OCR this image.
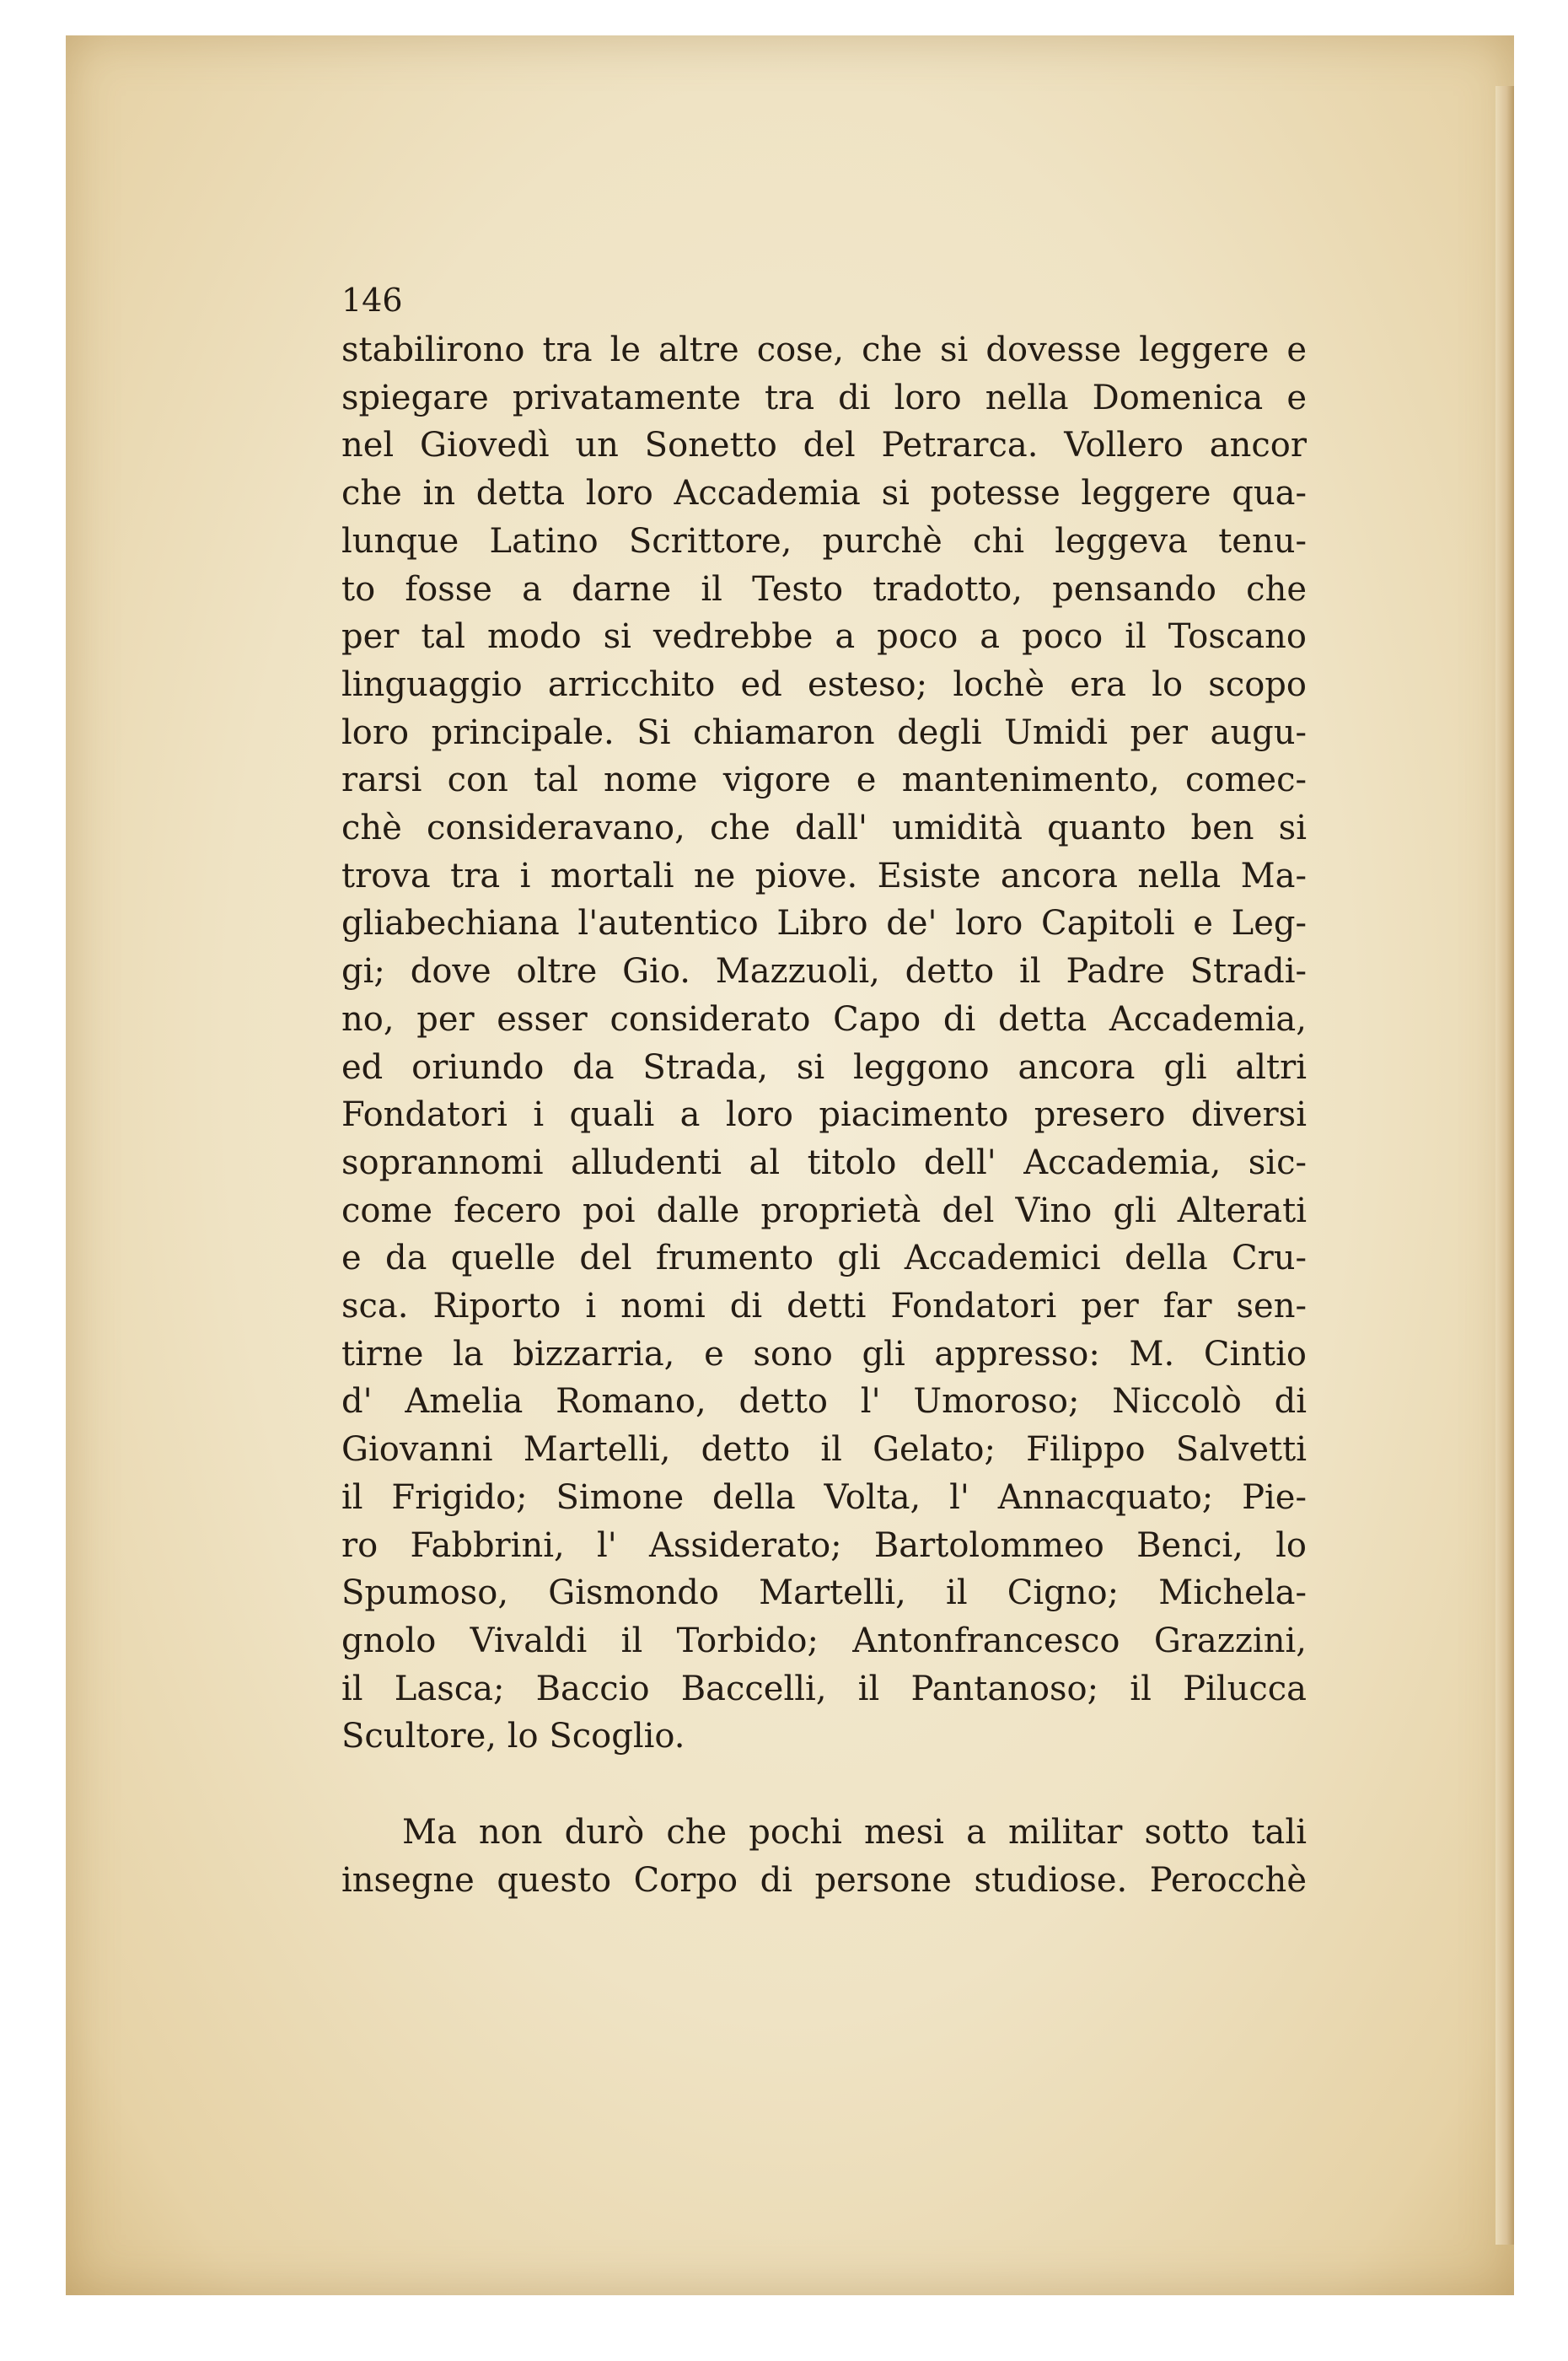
146
stabilirono tra le altre cose, che si dovesse leggere e
spiegare privatamente tra di loro nella Domenica e
nel Giovedì un Sonetto del Petrarca. Vollero ancor
che in detta loro Accademia si potesse leggere qua-
lunque Latino Scrittore, purchè chi leggeva tenu-
to fosse a darne il Testo tradotto, pensando che
per tal modo si vedrebbe a poco a poco il Toscano
linguaggio arricchito ed esteso; lochè era lo scopo
loro principale. Si chiamaron degli Umidi per augu-
rarsi con tal nome vigore e mantenimento, comec-
chè consideravano, che dall' umidità quanto ben si
trova tra i mortali ne piove. Esiste ancora nella Ma-
gliabechiana l'autentico Libro de' loro Capitoli e Leg-
gi; dove oltre Gio. Mazzuoli, detto il Padre Stradi-
no, per esser considerato Capo di detta Accademia,
ed oriundo da Strada, si leggono ancora gli altri
Fondatori i quali a loro piacimento presero diversi
soprannomi alludenti al titolo dell' Accademia, sic-
come fecero poi dalle proprietà del Vino gli Alterati
e da quelle del frumento gli Accademici della Cru-
sca. Riporto i nomi di detti Fondatori per far sen-
tirne la bizzarria, e sono gli appresso: M. Cintio
d' Amelia Romano, detto l' Umoroso; Niccolò di
Giovanni Martelli, detto il Gelato; Filippo Salvetti
il Frigido; Simone della Volta, l' Annacquato; Pie-
ro Fabbrini, l' Assiderato; Bartolommeo Benci, lo
Spumoso, Gismondo Martelli, il Cigno; Michela-
gnolo Vivaldi il Torbido; Antonfrancesco Grazzini,
il Lasca; Baccio Baccelli, il Pantanoso; il Pilucca
Scultore, lo Scoglio.
Ma non durò che pochi mesi a militar sotto tali
insegne questo Corpo di persone studiose. Perocchè
